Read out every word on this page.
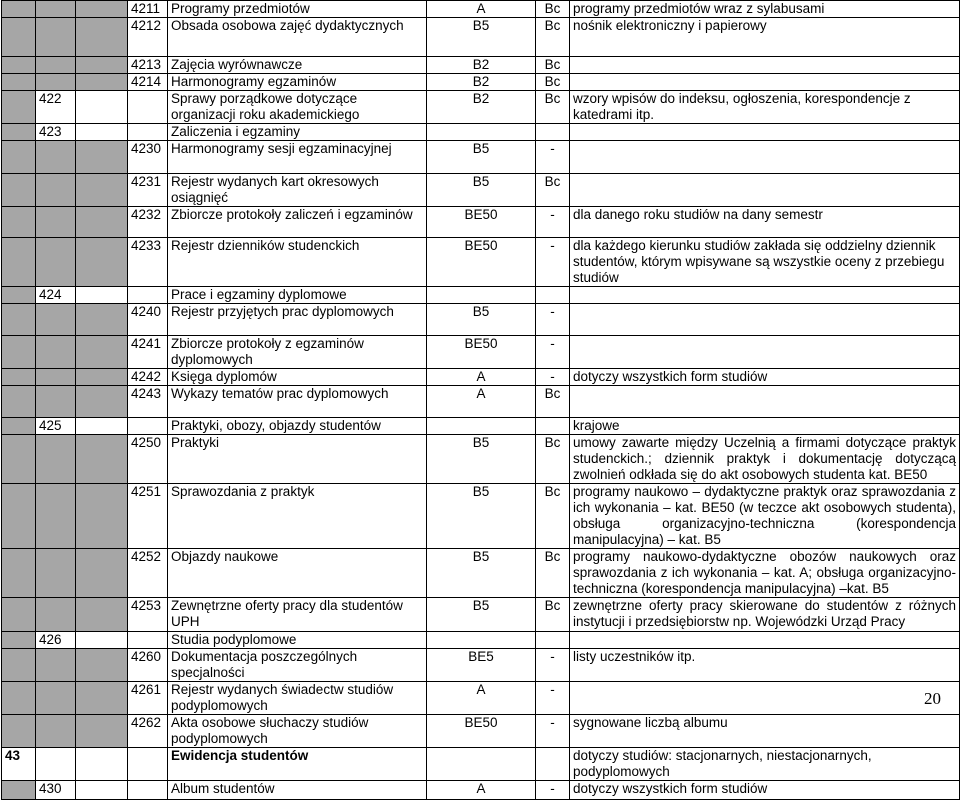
			4211	Programy przedmiotów	A	Bc	programy przedmiotów wraz z sylabusami
			4212	Obsada osobowa zajęć dydaktycznych	B5	Bc	nośnik elektroniczny i papierowy
			4213	Zajęcia wyrównawcze	B2	Bc	
			4214	Harmonogramy egzaminów	B2	Bc	
	422			Sprawy porządkowe dotyczące organizacji roku akademickiego	B2	Bc	wzory wpisów do indeksu, ogłoszenia, korespondencje z katedrami itp.
	423			Zaliczenia i egzaminy			
			4230	Harmonogramy sesji egzaminacyjnej	B5	-	
			4231	Rejestr wydanych kart okresowych osiągnięć	B5	Bc	
			4232	Zbiorcze protokoły zaliczeń i egzaminów	BE50	-	dla danego roku studiów na dany semestr
			4233	Rejestr dzienników studenckich	BE50	-	dla każdego kierunku studiów zakłada się oddzielny dziennik studentów, którym wpisywane są wszystkie oceny z przebiegu studiów
	424			Prace i egzaminy dyplomowe			
			4240	Rejestr przyjętych prac dyplomowych	B5	-	
			4241	Zbiorcze protokoły z egzaminów dyplomowych	BE50	-	
			4242	Księga dyplomów	A	-	dotyczy wszystkich form studiów
			4243	Wykazy tematów prac dyplomowych	A	Bc	
	425			Praktyki, obozy, objazdy studentów			krajowe
			4250	Praktyki	B5	Bc	umowy zawarte między Uczelnią a firmami dotyczące praktyk studenckich.; dziennik praktyk i dokumentację dotyczącą zwolnień odkłada się do akt osobowych studenta kat. BE50
			4251	Sprawozdania z praktyk	B5	Bc	programy naukowo – dydaktyczne praktyk oraz sprawozdania z ich wykonania – kat. BE50 (w teczce akt osobowych studenta), obsługa organizacyjno-techniczna (korespondencja manipulacyjna) – kat. B5
			4252	Objazdy naukowe	B5	Bc	programy naukowo-dydaktyczne obozów naukowych oraz sprawozdania z ich wykonania – kat. A; obsługa organizacyjno-techniczna (korespondencja manipulacyjna) –kat. B5
			4253	Zewnętrzne oferty pracy dla studentów UPH	B5	Bc	zewnętrzne oferty pracy skierowane do studentów z różnych instytucji i przedsiębiorstw np. Wojewódzki Urząd Pracy
	426			Studia podyplomowe			
			4260	Dokumentacja poszczególnych specjalności	BE5	-	listy uczestników itp.
			4261	Rejestr wydanych świadectw studiów podyplomowych	A	-	
			4262	Akta osobowe słuchaczy studiów podyplomowych	BE50	-	sygnowane liczbą albumu
43				Ewidencja studentów			dotyczy studiów: stacjonarnych, niestacjonarnych, podyplomowych
	430			Album studentów	A	-	dotyczy wszystkich form studiów
20
